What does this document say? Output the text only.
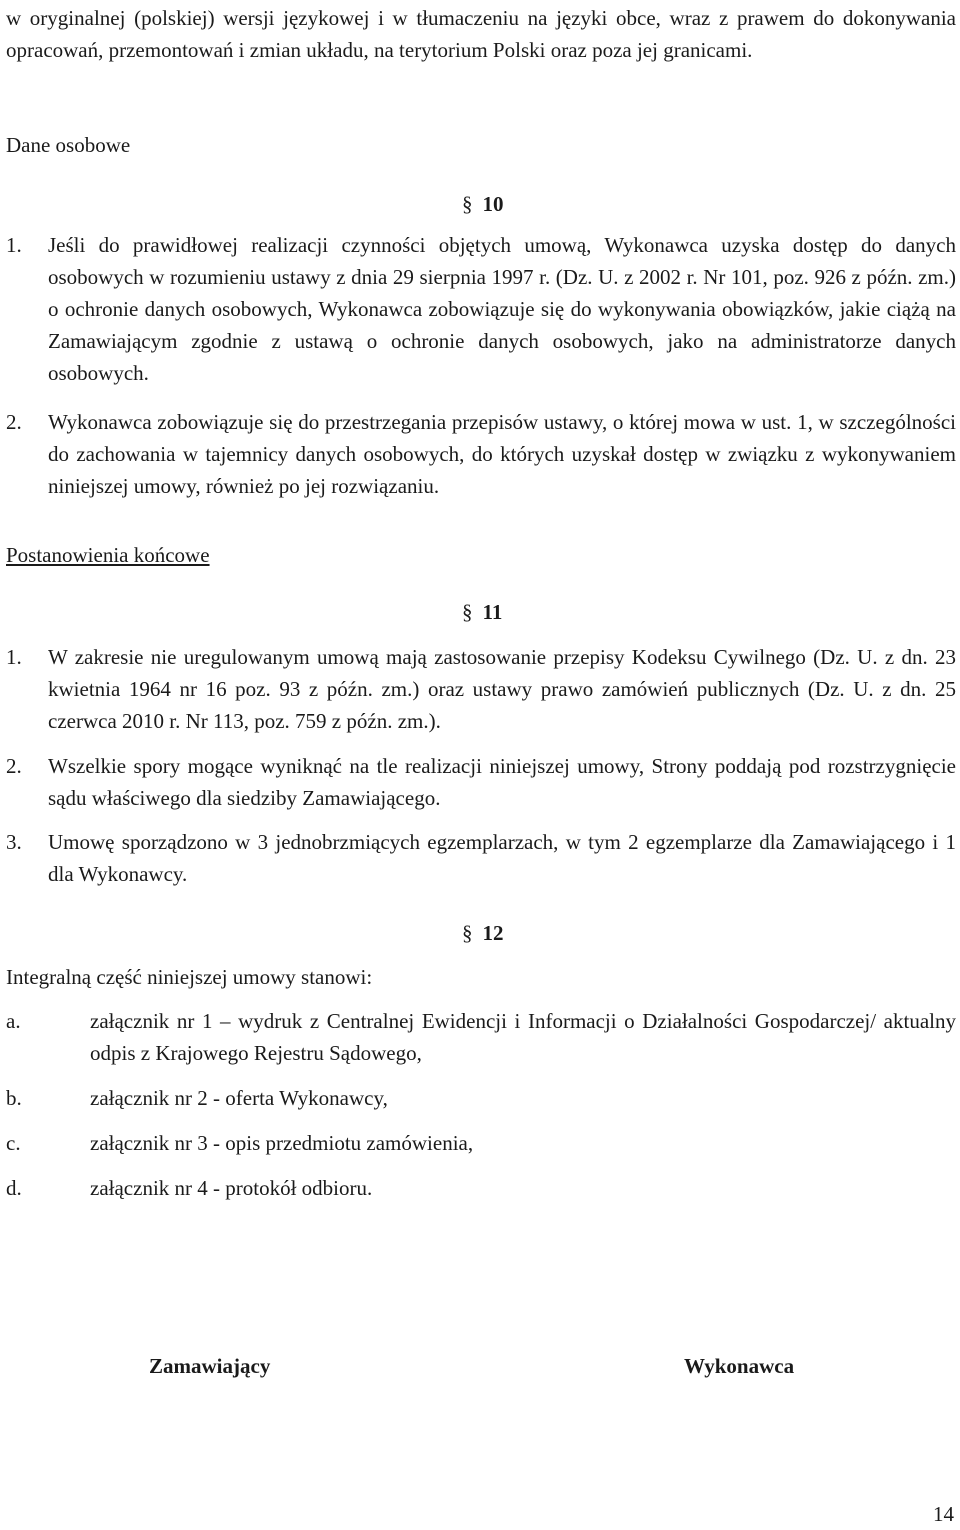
w oryginalnej (polskiej) wersji językowej i w tłumaczeniu na języki obce, wraz z prawem do dokonywania opracowań, przemontowań i zmian układu, na terytorium Polski oraz poza jej granicami.
Dane osobowe
§ 10
1. Jeśli do prawidłowej realizacji czynności objętych umową, Wykonawca uzyska dostęp do danych osobowych w rozumieniu ustawy z dnia 29 sierpnia 1997 r. (Dz. U. z 2002 r. Nr 101, poz. 926 z późn. zm.) o ochronie danych osobowych, Wykonawca zobowiązuje się do wykonywania obowiązków, jakie ciążą na Zamawiającym zgodnie z ustawą o ochronie danych osobowych, jako na administratorze danych osobowych.
2. Wykonawca zobowiązuje się do przestrzegania przepisów ustawy, o której mowa w ust. 1, w szczególności do zachowania w tajemnicy danych osobowych, do których uzyskał dostęp w związku z wykonywaniem niniejszej umowy, również po jej rozwiązaniu.
Postanowienia końcowe
§ 11
1. W zakresie nie uregulowanym umową mają zastosowanie przepisy Kodeksu Cywilnego (Dz. U. z dn. 23 kwietnia 1964 nr 16 poz. 93 z późn. zm.) oraz ustawy prawo zamówień publicznych (Dz. U. z dn. 25 czerwca 2010 r. Nr 113, poz. 759 z późn. zm.).
2. Wszelkie spory mogące wyniknąć na tle realizacji niniejszej umowy, Strony poddają pod rozstrzygnięcie sądu właściwego dla siedziby Zamawiającego.
3. Umowę sporządzono w 3 jednobrzmiących egzemplarzach, w tym 2 egzemplarze dla Zamawiającego i 1 dla Wykonawcy.
§ 12
Integralną część niniejszej umowy stanowi:
a.	załącznik nr 1 – wydruk z Centralnej Ewidencji i Informacji o Działalności Gospodarczej/ aktualny odpis z Krajowego Rejestru Sądowego,
b.	załącznik nr 2 - oferta Wykonawcy,
c.	załącznik nr 3 - opis przedmiotu zamówienia,
d.	załącznik nr 4 - protokół odbioru.
Zamawiający	Wykonawca
14
